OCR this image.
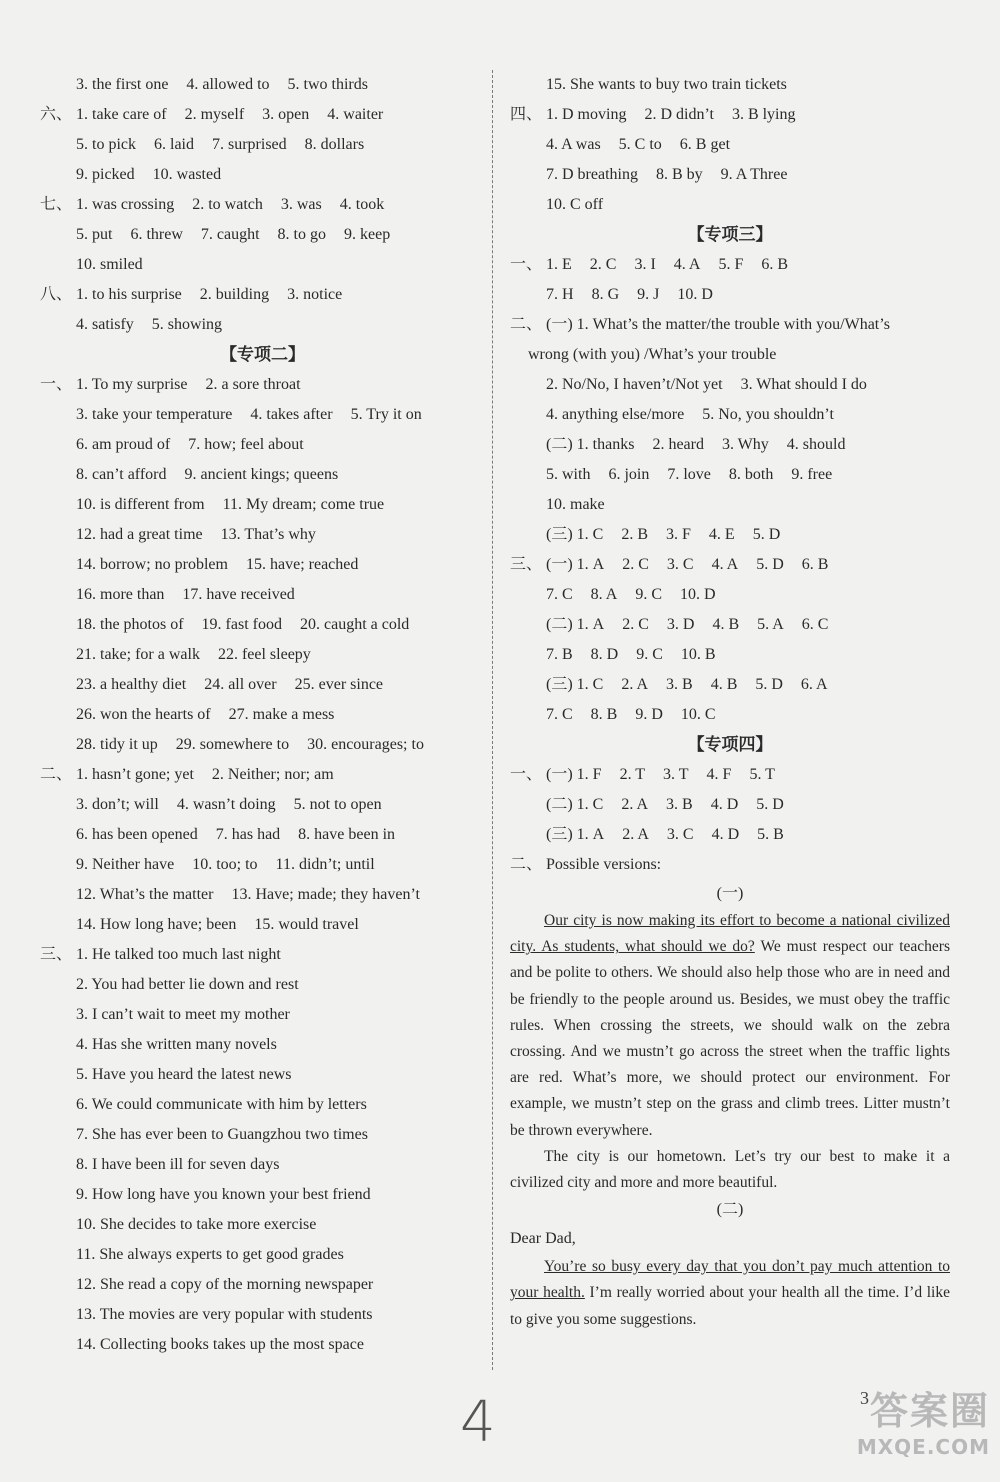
3. the first one 4. allowed to 5. two thirds
六、 1. take care of 2. myself 3. open 4. waiter
5. to pick 6. laid 7. surprised 8. dollars
9. picked 10. wasted
七、 1. was crossing 2. to watch 3. was 4. took
5. put 6. threw 7. caught 8. to go 9. keep
10. smiled
八、 1. to his surprise 2. building 3. notice
4. satisfy 5. showing
【专项二】
一、 1. To my surprise 2. a sore throat
3. take your temperature 4. takes after 5. Try it on
6. am proud of 7. how; feel about
8. can’t afford 9. ancient kings; queens
10. is different from 11. My dream; come true
12. had a great time 13. That’s why
14. borrow; no problem 15. have; reached
16. more than 17. have received
18. the photos of 19. fast food 20. caught a cold
21. take; for a walk 22. feel sleepy
23. a healthy diet 24. all over 25. ever since
26. won the hearts of 27. make a mess
28. tidy it up 29. somewhere to 30. encourages; to
二、 1. hasn’t gone; yet 2. Neither; nor; am
3. don’t; will 4. wasn’t doing 5. not to open
6. has been opened 7. has had 8. have been in
9. Neither have 10. too; to 11. didn’t; until
12. What’s the matter 13. Have; made; they haven’t
14. How long have; been 15. would travel
三、 1. He talked too much last night
2. You had better lie down and rest
3. I can’t wait to meet my mother
4. Has she written many novels
5. Have you heard the latest news
6. We could communicate with him by letters
7. She has ever been to Guangzhou two times
8. I have been ill for seven days
9. How long have you known your best friend
10. She decides to take more exercise
11. She always experts to get good grades
12. She read a copy of the morning newspaper
13. The movies are very popular with students
14. Collecting books takes up the most space
15. She wants to buy two train tickets
四、 1. D moving 2. D didn’t 3. B lying
4. A was 5. C to 6. B get
7. D breathing 8. B by 9. A Three
10. C off
【专项三】
一、 1. E 2. C 3. I 4. A 5. F 6. B
7. H 8. G 9. J 10. D
二、 (一) 1. What’s the matter/the trouble with you/What’s
wrong (with you) /What’s your trouble
2. No/No, I haven’t/Not yet 3. What should I do
4. anything else/more 5. No, you shouldn’t
(二) 1. thanks 2. heard 3. Why 4. should
5. with 6. join 7. love 8. both 9. free
10. make
(三) 1. C 2. B 3. F 4. E 5. D
三、 (一) 1. A 2. C 3. C 4. A 5. D 6. B
7. C 8. A 9. C 10. D
(二) 1. A 2. C 3. D 4. B 5. A 6. C
7. B 8. D 9. C 10. B
(三) 1. C 2. A 3. B 4. B 5. D 6. A
7. C 8. B 9. D 10. C
【专项四】
一、 (一) 1. F 2. T 3. T 4. F 5. T
(二) 1. C 2. A 3. B 4. D 5. D
(三) 1. A 2. A 3. C 4. D 5. B
二、 Possible versions:
(一)
Our city is now making its effort to become a national civilized city. As students, what should we do? We must respect our teachers and be polite to others. We should also help those who are in need and be friendly to the people around us. Besides, we must obey the traffic rules. When crossing the streets, we should walk on the zebra crossing. And we mustn’t go across the street when the traffic lights are red. What’s more, we should protect our environment. For example, we mustn’t step on the grass and climb trees. Litter mustn’t be thrown everywhere.
The city is our hometown. Let’s try our best to make it a civilized city and more and more beautiful.
(二)
Dear Dad,
You’re so busy every day that you don’t pay much attention to your health. I’m really worried about your health all the time. I’d like to give you some suggestions.
4	3 答案圈
MXQE.COM
